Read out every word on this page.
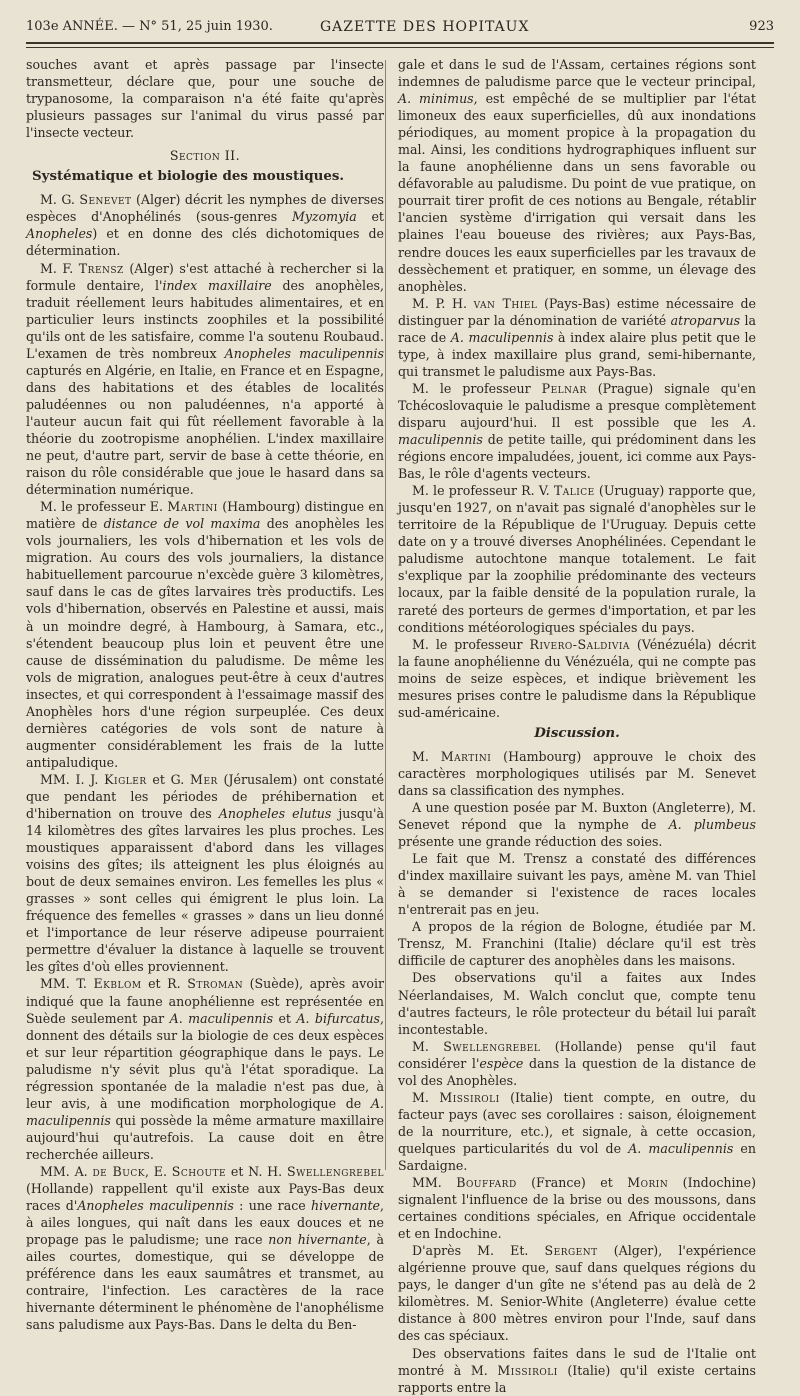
103e ANNÉE. — N° 51, 25 juin 1930.	GAZETTE DES HOPITAUX	923

souches avant et après passage par l'insecte transmetteur, déclare que, pour une souche de trypanosome, la comparaison n'a été faite qu'après plusieurs passages sur l'animal du virus passé par l'insecte vecteur.

Section II.

Systématique et biologie des moustiques.

M. G. Senevet (Alger) décrit les nymphes de diverses espèces d'Anophélinés (sous-genres Myzomyia et Anopheles) et en donne des clés dichotomiques de détermination.

M. F. Trensz (Alger) s'est attaché à rechercher si la formule dentaire, l'index maxillaire des anophèles, traduit réellement leurs habitudes alimentaires, et en particulier leurs instincts zoophiles et la possibilité qu'ils ont de les satisfaire, comme l'a soutenu Roubaud. L'examen de très nombreux Anopheles maculipennis capturés en Algérie, en Italie, en France et en Espagne, dans des habitations et des étables de localités paludéennes ou non paludéennes, n'a apporté à l'auteur aucun fait qui fût réellement favorable à la théorie du zootropisme anophélien. L'index maxillaire ne peut, d'autre part, servir de base à cette théorie, en raison du rôle considérable que joue le hasard dans sa détermination numérique.

M. le professeur E. Martini (Hambourg) distingue en matière de distance de vol maxima des anophèles les vols journaliers, les vols d'hibernation et les vols de migration. Au cours des vols journaliers, la distance habituellement parcourue n'excède guère 3 kilomètres, sauf dans le cas de gîtes larvaires très productifs. Les vols d'hibernation, observés en Palestine et aussi, mais à un moindre degré, à Hambourg, à Samara, etc., s'étendent beaucoup plus loin et peuvent être une cause de dissémination du paludisme. De même les vols de migration, analogues peut-être à ceux d'autres insectes, et qui correspondent à l'essaimage massif des Anophèles hors d'une région surpeuplée. Ces deux dernières catégories de vols sont de nature à augmenter considérablement les frais de la lutte antipaludique.

MM. I. J. Kigler et G. Mer (Jérusalem) ont constaté que pendant les périodes de préhibernation et d'hibernation on trouve des Anopheles elutus jusqu'à 14 kilomètres des gîtes larvaires les plus proches. Les moustiques apparaissent d'abord dans les villages voisins des gîtes; ils atteignent les plus éloignés au bout de deux semaines environ. Les femelles les plus « grasses » sont celles qui émigrent le plus loin. La fréquence des femelles « grasses » dans un lieu donné et l'importance de leur réserve adipeuse pourraient permettre d'évaluer la distance à laquelle se trouvent les gîtes d'où elles proviennent.

MM. T. Ekblom et R. Stroman (Suède), après avoir indiqué que la faune anophélienne est représentée en Suède seulement par A. maculipennis et A. bifurcatus, donnent des détails sur la biologie de ces deux espèces et sur leur répartition géographique dans le pays. Le paludisme n'y sévit plus qu'à l'état sporadique. La régression spontanée de la maladie n'est pas due, à leur avis, à une modification morphologique de A. maculipennis qui possède la même armature maxillaire aujourd'hui qu'autrefois. La cause doit en être recherchée ailleurs.

MM. A. de Buck, E. Schoute et N. H. Swellengrebel (Hollande) rappellent qu'il existe aux Pays-Bas deux races d'Anopheles maculipennis : une race hivernante, à ailes longues, qui naît dans les eaux douces et ne propage pas le paludisme; une race non hivernante, à ailes courtes, domestique, qui se développe de préférence dans les eaux saumâtres et transmet, au contraire, l'infection. Les caractères de la race hivernante déterminent le phénomène de l'anophélisme sans paludisme aux Pays-Bas. Dans le delta du Ben-

gale et dans le sud de l'Assam, certaines régions sont indemnes de paludisme parce que le vecteur principal, A. minimus, est empêché de se multiplier par l'état limoneux des eaux superficielles, dû aux inondations périodiques, au moment propice à la propagation du mal. Ainsi, les conditions hydrographiques influent sur la faune anophélienne dans un sens favorable ou défavorable au paludisme. Du point de vue pratique, on pourrait tirer profit de ces notions au Bengale, rétablir l'ancien système d'irrigation qui versait dans les plaines l'eau boueuse des rivières; aux Pays-Bas, rendre douces les eaux superficielles par les travaux de dessèchement et pratiquer, en somme, un élevage des anophèles.

M. P. H. van Thiel (Pays-Bas) estime nécessaire de distinguer par la dénomination de variété atroparvus la race de A. maculipennis à index alaire plus petit que le type, à index maxillaire plus grand, semi-hibernante, qui transmet le paludisme aux Pays-Bas.

M. le professeur Pelnar (Prague) signale qu'en Tchécoslovaquie le paludisme a presque complètement disparu aujourd'hui. Il est possible que les A. maculipennis de petite taille, qui prédominent dans les régions encore impaludées, jouent, ici comme aux Pays-Bas, le rôle d'agents vecteurs.

M. le professeur R. V. Talice (Uruguay) rapporte que, jusqu'en 1927, on n'avait pas signalé d'anophèles sur le territoire de la République de l'Uruguay. Depuis cette date on y a trouvé diverses Anophélinées. Cependant le paludisme autochtone manque totalement. Le fait s'explique par la zoophilie prédominante des vecteurs locaux, par la faible densité de la population rurale, la rareté des porteurs de germes d'importation, et par les conditions météorologiques spéciales du pays.

M. le professeur Rivero-Saldivia (Vénézuéla) décrit la faune anophélienne du Vénézuéla, qui ne compte pas moins de seize espèces, et indique brièvement les mesures prises contre le paludisme dans la République sud-américaine.

Discussion.

M. Martini (Hambourg) approuve le choix des caractères morphologiques utilisés par M. Senevet dans sa classification des nymphes.

A une question posée par M. Buxton (Angleterre), M. Senevet répond que la nymphe de A. plumbeus présente une grande réduction des soies.

Le fait que M. Trensz a constaté des différences d'index maxillaire suivant les pays, amène M. van Thiel à se demander si l'existence de races locales n'entrerait pas en jeu.

A propos de la région de Bologne, étudiée par M. Trensz, M. Franchini (Italie) déclare qu'il est très difficile de capturer des anophèles dans les maisons.

Des observations qu'il a faites aux Indes Néerlandaises, M. Walch conclut que, compte tenu d'autres facteurs, le rôle protecteur du bétail lui paraît incontestable.

M. Swellengrebel (Hollande) pense qu'il faut considérer l'espèce dans la question de la distance de vol des Anophèles.

M. Missiroli (Italie) tient compte, en outre, du facteur pays (avec ses corollaires : saison, éloignement de la nourriture, etc.), et signale, à cette occasion, quelques particularités du vol de A. maculipennis en Sardaigne.

MM. Bouffard (France) et Morin (Indochine) signalent l'influence de la brise ou des moussons, dans certaines conditions spéciales, en Afrique occidentale et en Indochine.

D'après M. Et. Sergent (Alger), l'expérience algérienne prouve que, sauf dans quelques régions du pays, le danger d'un gîte ne s'étend pas au delà de 2 kilomètres. M. Senior-White (Angleterre) évalue cette distance à 800 mètres environ pour l'Inde, sauf dans des cas spéciaux.

Des observations faites dans le sud de l'Italie ont montré à M. Missiroli (Italie) qu'il existe certains rapports entre la
